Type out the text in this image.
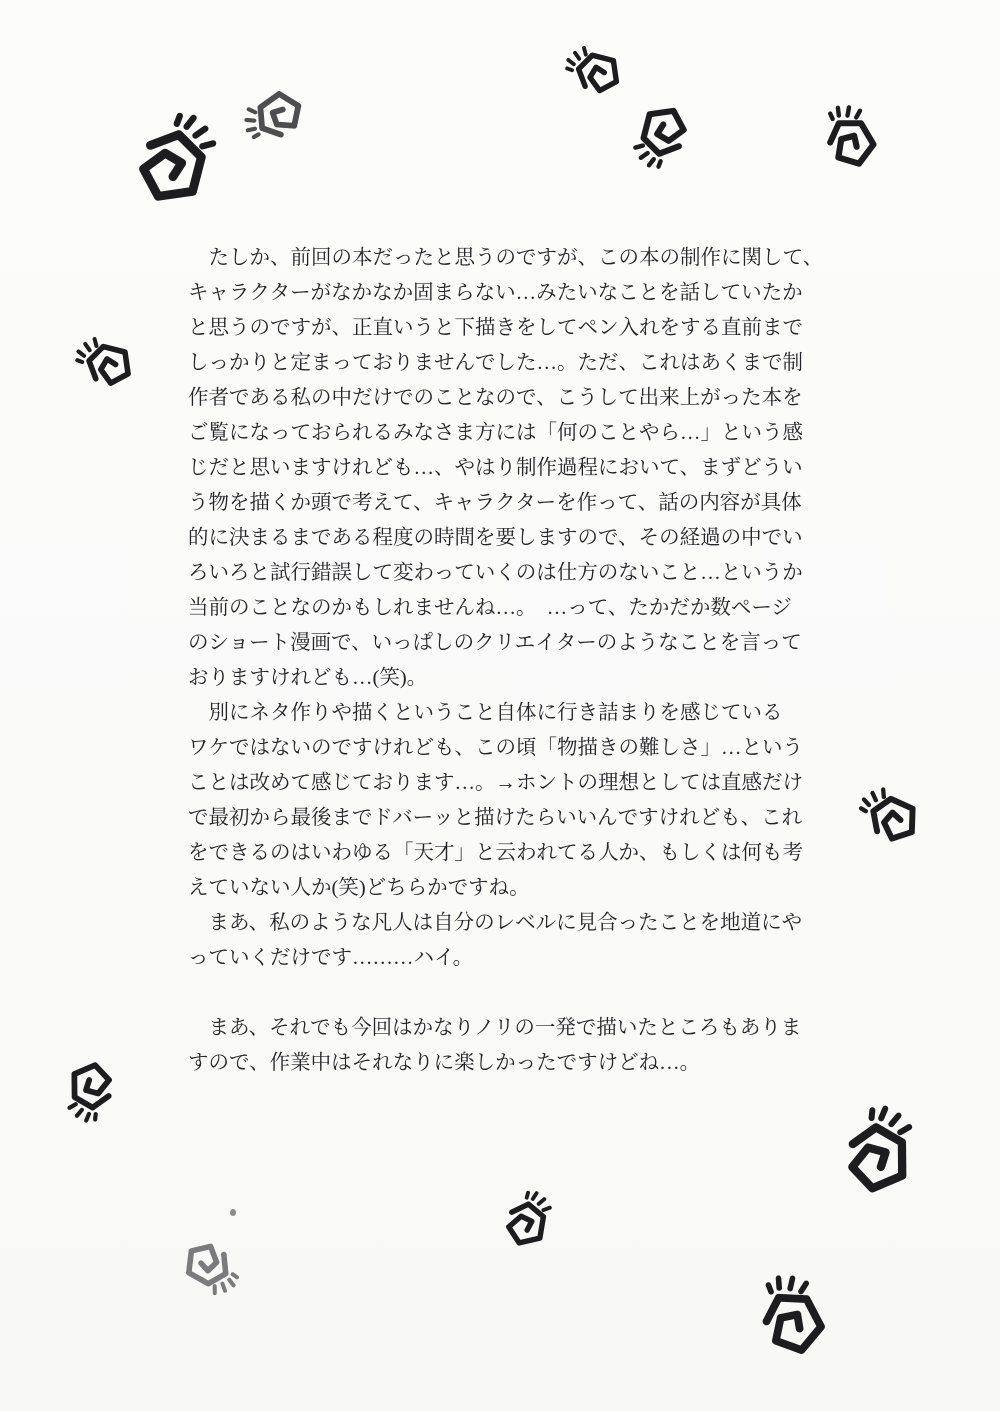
　たしか、前回の本だったと思うのですが、この本の制作に関して、
キャラクターがなかなか固まらない…みたいなことを話していたか
と思うのですが、正直いうと下描きをしてペン入れをする直前まで
しっかりと定まっておりませんでした…。ただ、これはあくまで制
作者である私の中だけでのことなので、こうして出来上がった本を
ご覧になっておられるみなさま方には「何のことやら…」という感
じだと思いますけれども…、やはり制作過程において、まずどうい
う物を描くか頭で考えて、キャラクターを作って、話の内容が具体
的に決まるまである程度の時間を要しますので、その経過の中でい
ろいろと試行錯誤して変わっていくのは仕方のないこと…というか
当前のことなのかもしれませんね…。　…って、たかだか数ページ
のショート漫画で、いっぱしのクリエイターのようなことを言って
おりますけれども…(笑)。
　別にネタ作りや描くということ自体に行き詰まりを感じている
ワケではないのですけれども、この頃「物描きの難しさ」…という
ことは改めて感じております…。→ホントの理想としては直感だけ
で最初から最後までドバーッと描けたらいいんですけれども、これ
をできるのはいわゆる「天才」と云われてる人か、もしくは何も考
えていない人か(笑)どちらかですね。
　まあ、私のような凡人は自分のレベルに見合ったことを地道にや
っていくだけです………ハイ。
　まあ、それでも今回はかなりノリの一発で描いたところもありま
すので、作業中はそれなりに楽しかったですけどね…。
